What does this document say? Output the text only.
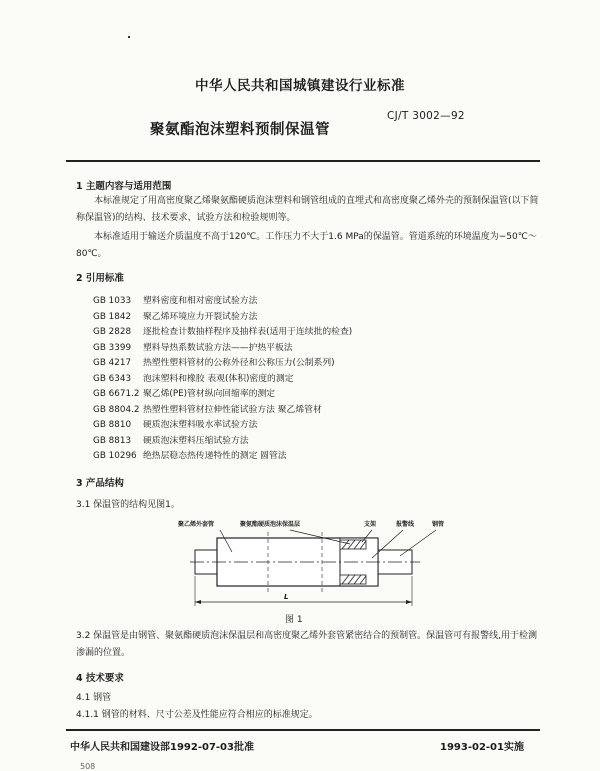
中华人民共和国城镇建设行业标准
聚氨酯泡沫塑料预制保温管
CJ/T 3002—92
1 主题内容与适用范围
本标准规定了用高密度聚乙烯聚氨酯硬质泡沫塑料和钢管组成的直埋式和高密度聚乙烯外壳的预制保温管(以下简称保温管)的结构、技术要求、试验方法和检验规则等。
本标准适用于输送介质温度不高于120℃。工作压力不大于1.6 MPa的保温管。管道系统的环境温度为−50℃～80℃。
2 引用标准
GB 1033 塑料密度和相对密度试验方法
GB 1842 聚乙烯环境应力开裂试验方法
GB 2828 逐批检查计数抽样程序及抽样表(适用于连续批的检查)
GB 3399 塑料导热系数试验方法——护热平板法
GB 4217 热塑性塑料管材的公称外径和公称压力(公制系列)
GB 6343 泡沫塑料和橡胶 表观(体积)密度的测定
GB 6671.2 聚乙烯(PE)管材纵向回缩率的测定
GB 8804.2 热塑性塑料管材拉伸性能试验方法 聚乙烯管材
GB 8810 硬质泡沫塑料吸水率试验方法
GB 8813 硬质泡沫塑料压缩试验方法
GB 10296 绝热层稳态热传递特性的测定 圆管法
3 产品结构
3.1 保温管的结构见图1。
聚乙烯外套管	聚氨酯硬质泡沫保温层	支架	报警线	钢管
L
图 1
3.2 保温管是由钢管、聚氨酯硬质泡沫保温层和高密度聚乙烯外套管紧密结合的预制管。保温管可有报警线,用于检测渗漏的位置。
4 技术要求
4.1 钢管
4.1.1 钢管的材料、尺寸公差及性能应符合相应的标准规定。
中华人民共和国建设部1992-07-03批准	1993-02-01实施
508
